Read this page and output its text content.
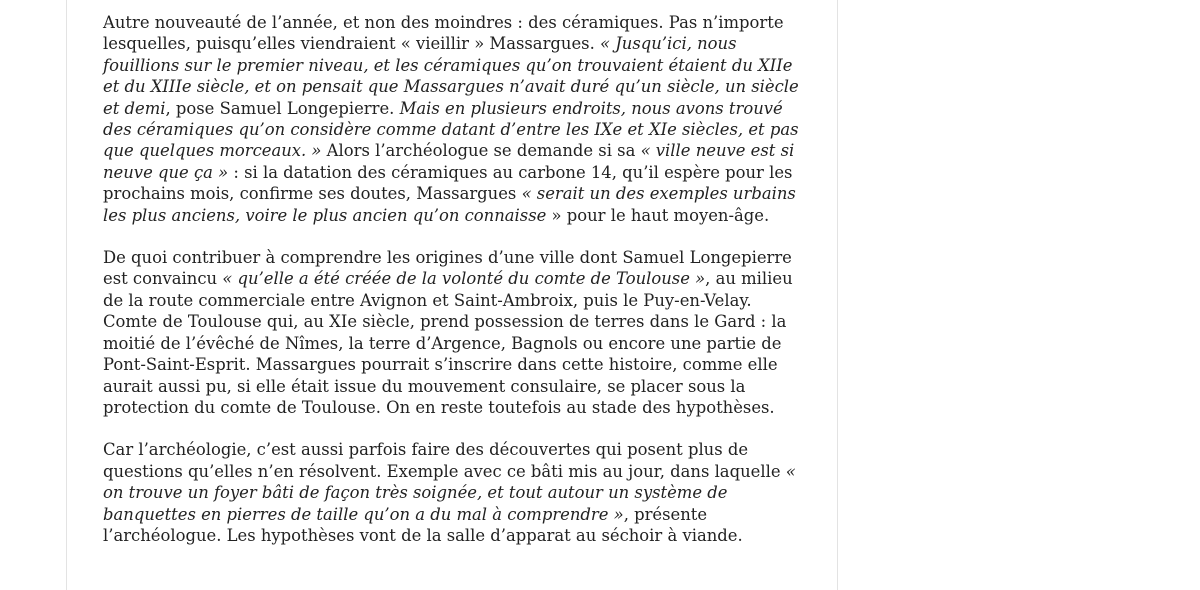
Autre nouveauté de l’année, et non des moindres : des céramiques. Pas n’importe lesquelles, puisqu’elles viendraient « vieillir » Massargues. « Jusqu’ici, nous fouillions sur le premier niveau, et les céramiques qu’on trouvaient étaient du XIIe et du XIIIe siècle, et on pensait que Massargues n’avait duré qu’un siècle, un siècle et demi, pose Samuel Longepierre. Mais en plusieurs endroits, nous avons trouvé des céramiques qu’on considère comme datant d’entre les IXe et XIe siècles, et pas que quelques morceaux. » Alors l’archéologue se demande si sa « ville neuve est si neuve que ça » : si la datation des céramiques au carbone 14, qu’il espère pour les prochains mois, confirme ses doutes, Massargues « serait un des exemples urbains les plus anciens, voire le plus ancien qu’on connaisse » pour le haut moyen-âge.

De quoi contribuer à comprendre les origines d’une ville dont Samuel Longepierre est convaincu « qu’elle a été créée de la volonté du comte de Toulouse », au milieu de la route commerciale entre Avignon et Saint-Ambroix, puis le Puy-en-Velay. Comte de Toulouse qui, au XIe siècle, prend possession de terres dans le Gard : la moitié de l’évêché de Nîmes, la terre d’Argence, Bagnols ou encore une partie de Pont-Saint-Esprit. Massargues pourrait s’inscrire dans cette histoire, comme elle aurait aussi pu, si elle était issue du mouvement consulaire, se placer sous la protection du comte de Toulouse. On en reste toutefois au stade des hypothèses.

Car l’archéologie, c’est aussi parfois faire des découvertes qui posent plus de questions qu’elles n’en résolvent. Exemple avec ce bâti mis au jour, dans laquelle « on trouve un foyer bâti de façon très soignée, et tout autour un système de banquettes en pierres de taille qu’on a du mal à comprendre », présente l’archéologue. Les hypothèses vont de la salle d’apparat au séchoir à viande.
